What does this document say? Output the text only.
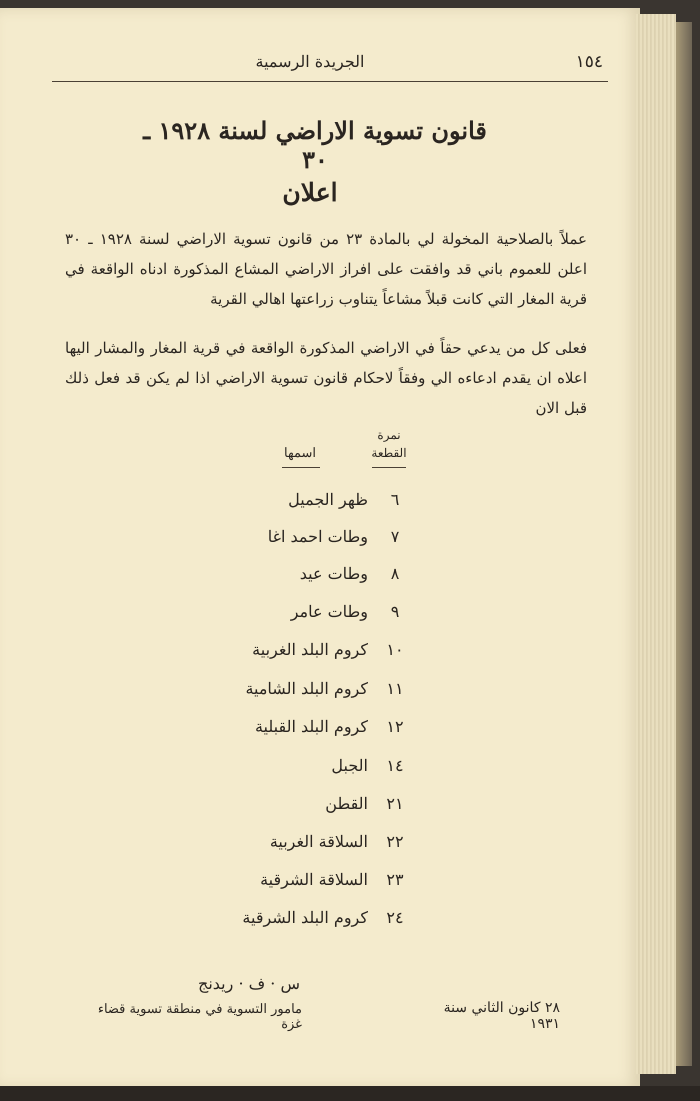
١٥٤
الجريدة الرسمية
قانون تسوية الاراضي لسنة ١٩٢٨ ـ ٣٠
اعلان
عملاً بالصلاحية المخولة لي بالمادة ٢٣ من قانون تسوية الاراضي لسنة ١٩٢٨ ـ ٣٠ اعلن للعموم باني قد وافقت على افراز الاراضي المشاع المذكورة ادناه الواقعة في قرية المغار التي كانت قبلاً مشاعاً يتناوب زراعتها اهالي القرية
فعلى كل من يدعي حقاً في الاراضي المذكورة الواقعة في قرية المغار والمشار اليها اعلاه ان يقدم ادعاءه الي وفقاً لاحكام قانون تسوية الاراضي اذا لم يكن قد فعل ذلك قبل الان
نمرة القطعة
اسمها
٦
ظهر الجميل
٧
وطات احمد اغا
٨
وطات عيد
٩
وطات عامر
١٠
كروم البلد الغربية
١١
كروم البلد الشامية
١٢
كروم البلد القبلية
١٤
الجبل
٢١
القطن
٢٢
السلاقة الغربية
٢٣
السلاقة الشرقية
٢٤
كروم البلد الشرقية
س · ف · ريدنج
مامور التسوية في منطقة تسوية قضاء غزة
٢٨ كانون الثاني سنة ١٩٣١
